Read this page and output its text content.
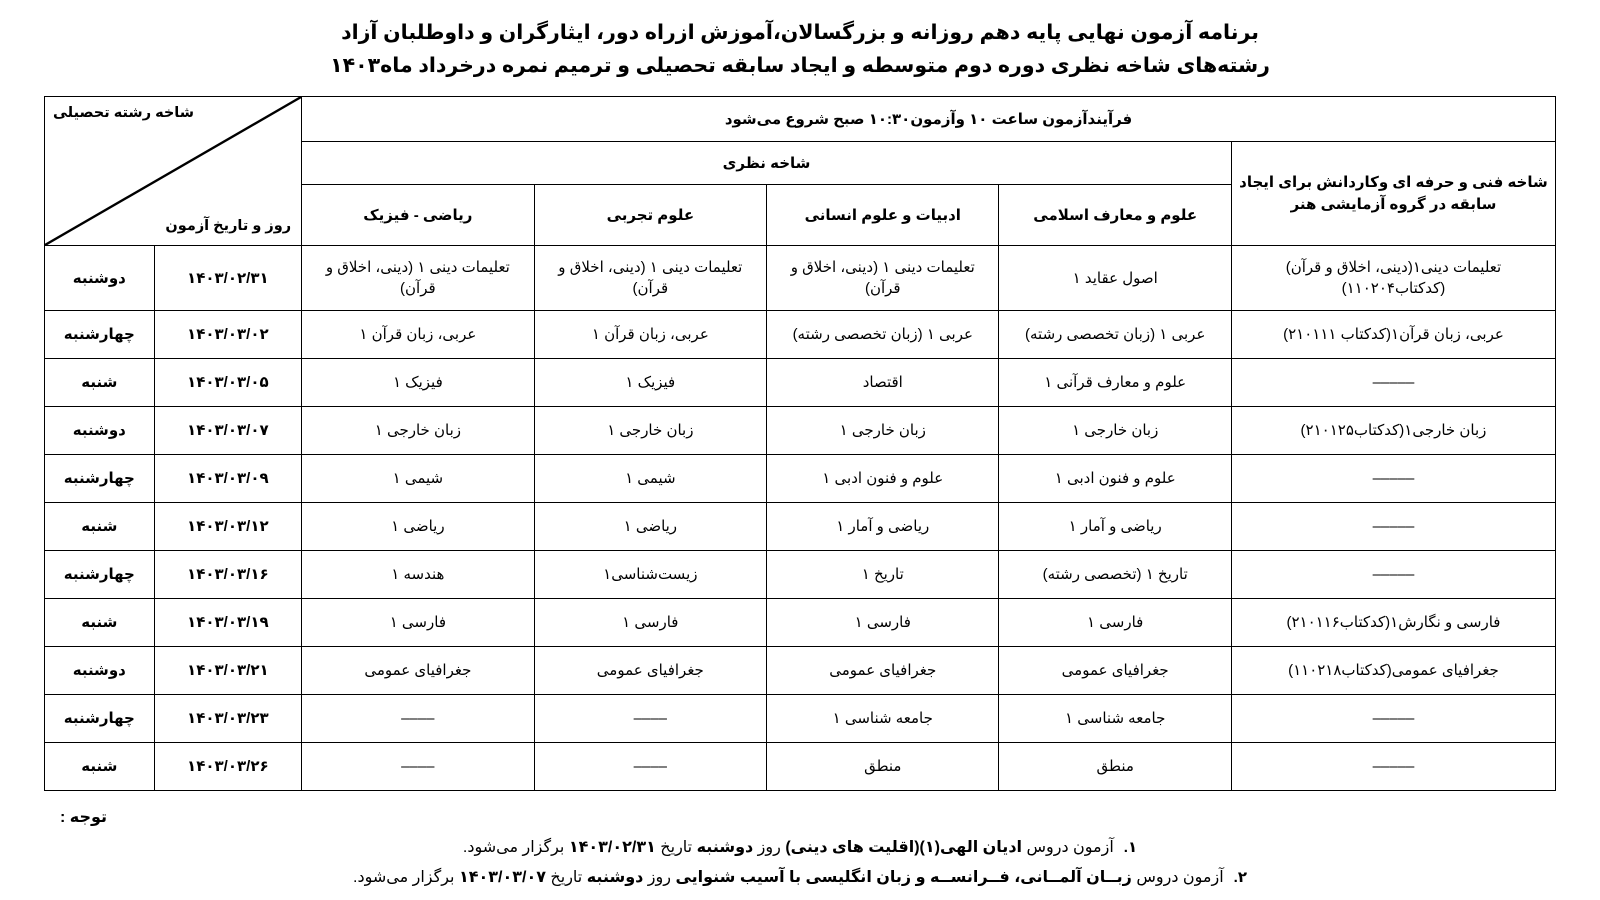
برنامه آزمون نهایی پایه دهم روزانه و بزرگسالان،آموزش ازراه دور، ایثارگران و داوطلبان آزاد
رشته‌های شاخه نظری دوره دوم متوسطه و ایجاد سابقه تحصیلی و ترمیم نمره درخرداد ماه۱۴۰۳
فرآیندآزمون ساعت ۱۰ وآزمون۱۰:۳۰ صبح شروع می‌شود					شاخه رشته تحصیلی
روز و تاریخ آزمون	

شاخه فنی و حرفه ای وکاردانش برای ایجاد سابقه در گروه آزمایشی هنر	شاخه نظری					
	علوم و معارف اسلامی	ادبیات و علوم انسانی	علوم تجربی	ریاضی - فیزیک		
تعلیمات دینی۱(دینی، اخلاق و قرآن)(کدکتاب۱۱۰۲۰۴)	اصول عقاید ۱	تعلیمات دینی ۱ (دینی، اخلاق و قرآن)	تعلیمات دینی ۱ (دینی، اخلاق و قرآن)	تعلیمات دینی ۱ (دینی، اخلاق و قرآن)	۱۴۰۳/۰۲/۳۱	دوشنبه
عربی، زبان قرآن۱(کدکتاب ۲۱۰۱۱۱)	عربی ۱ (زبان تخصصی رشته)	عربی ۱ (زبان تخصصی رشته)	عربی، زبان قرآن ۱	عربی، زبان قرآن ۱	۱۴۰۳/۰۳/۰۲	چهارشنبه
–––––	علوم و معارف قرآنی ۱	اقتصاد	فیزیک ۱	فیزیک ۱	۱۴۰۳/۰۳/۰۵	شنبه
زبان خارجی۱(کدکتاب۲۱۰۱۲۵)	زبان خارجی ۱	زبان خارجی ۱	زبان خارجی ۱	زبان خارجی ۱	۱۴۰۳/۰۳/۰۷	دوشنبه
–––––	علوم و فنون ادبی ۱	علوم و فنون ادبی ۱	شیمی ۱	شیمی ۱	۱۴۰۳/۰۳/۰۹	چهارشنبه
–––––	ریاضی و آمار ۱	ریاضی و آمار ۱	ریاضی ۱	ریاضی ۱	۱۴۰۳/۰۳/۱۲	شنبه
–––––	تاریخ ۱ (تخصصی رشته)	تاریخ ۱	زیست‌شناسی۱	هندسه ۱	۱۴۰۳/۰۳/۱۶	چهارشنبه
فارسی و نگارش۱(کدکتاب۲۱۰۱۱۶)	فارسی ۱	فارسی ۱	فارسی ۱	فارسی ۱	۱۴۰۳/۰۳/۱۹	شنبه
جغرافیای عمومی(کدکتاب۱۱۰۲۱۸)	جغرافیای عمومی	جغرافیای عمومی	جغرافیای عمومی	جغرافیای عمومی	۱۴۰۳/۰۳/۲۱	دوشنبه
–––––	جامعه شناسی ۱	جامعه شناسی ۱	––––	––––	۱۴۰۳/۰۳/۲۳	چهارشنبه
–––––	منطق	منطق	––––	––––	۱۴۰۳/۰۳/۲۶	شنبه
توجه :
۱.
آزمون دروس ادیان الهی(۱)(اقلیت های دینی) روز دوشنبه تاریخ ۱۴۰۳/۰۲/۳۱ برگزار می‌شود.
۲.
آزمون دروس زبــان آلمــانی، فــرانســه و زبان انگلیسی با آسیب شنوایی روز دوشنبه تاریخ ۱۴۰۳/۰۳/۰۷ برگزار می‌شود.
